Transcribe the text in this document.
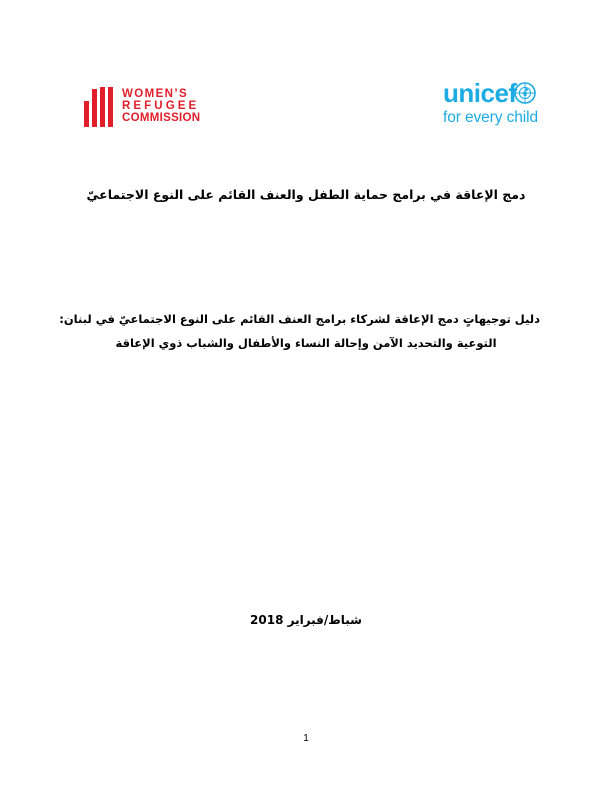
WOMEN’S
REFUGEE
COMMISSION
unicef
for every child
دمج الإعاقة في برامج حماية الطفل والعنف القائم على النوع الاجتماعيّ
دليل توجيهاتٍ دمج الإعاقة لشركاء برامج العنف القائم على النوع الاجتماعيّ في لبنان:
التوعية والتحديد الآمن وإحالة النساء والأطفال والشباب ذوي الإعاقة
شباط/فبراير 2018
1
